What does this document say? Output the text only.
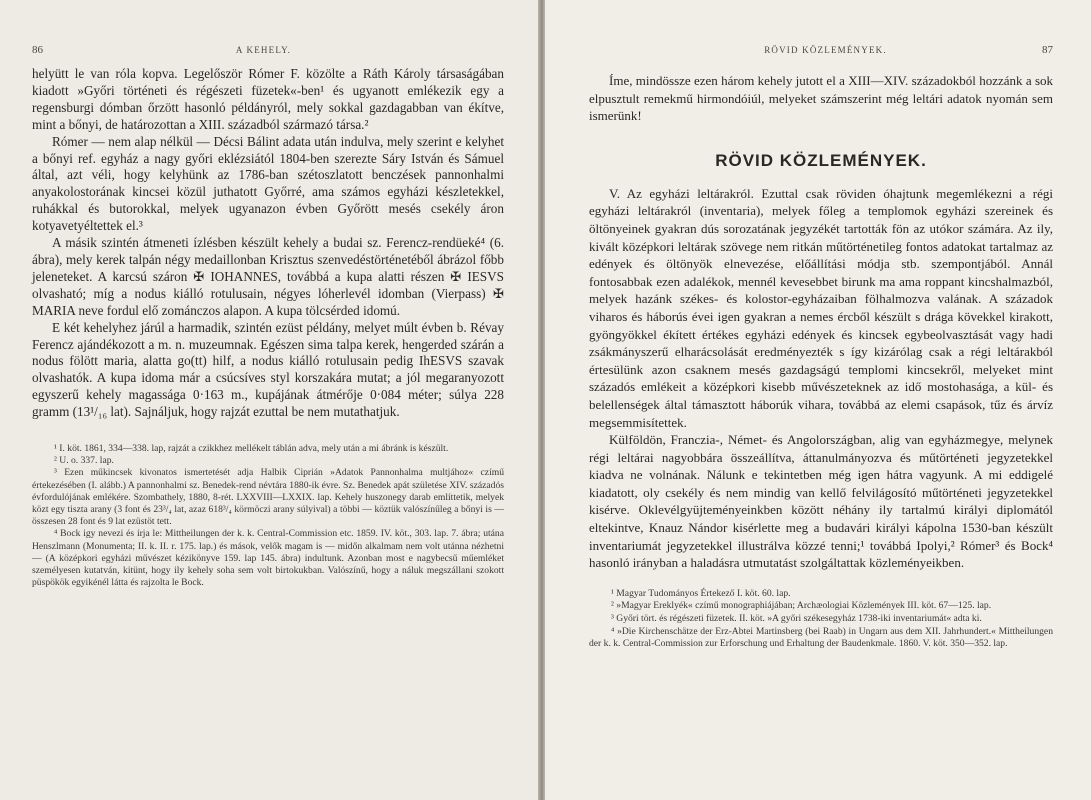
86	A KEHELY.

helyütt le van róla kopva. Legelőször Rómer F. közölte a Ráth Károly társaságában kiadott »Győri történeti és régészeti füzetek«-ben¹ és ugyanott emlékezik egy a regensburgi dómban őrzött hasonló példányról, mely sokkal gazdagabban van ékítve, mint a bőnyi, de határozottan a XIII. századból származó társa.²

Rómer — nem alap nélkül — Décsi Bálint adata után indulva, mely szerint e kelyhet a bőnyi ref. egyház a nagy győri eklézsiától 1804-ben szerezte Sáry István és Sámuel által, azt véli, hogy kelyhünk az 1786-ban szétoszlatott benczések pannonhalmi anyakolostorának kincsei közül juthatott Győrré, ama számos egyházi készletekkel, ruhákkal és butorokkal, melyek ugyanazon évben Győrött mesés csekély áron kotyavetyéltettek el.³

A másik szintén átmeneti ízlésben készült kehely a budai sz. Ferencz-rendüeké⁴ (6. ábra), mely kerek talpán négy medaillonban Krisztus szenvedéstörténetéből ábrázol főbb jeleneteket. A karcsú száron ✠ IOHANNES, továbbá a kupa alatti részen ✠ IESVS olvasható; míg a nodus kiálló rotulusain, négyes lóherlevél idomban (Vierpass) ✠ MARIA neve fordul elő zománczos alapon. A kupa tölcsérded idomú.

E két kehelyhez járúl a harmadik, szintén ezüst példány, melyet múlt évben b. Révay Ferencz ajándékozott a m. n. muzeumnak. Egészen sima talpa kerek, hengerded szárán a nodus fölött maria, alatta go(tt) hilf, a nodus kiálló rotulusain pedig IhESVS szavak olvashatók. A kupa idoma már a csúcsíves styl korszakára mutat; a jól megaranyozott egyszerű kehely magassága 0·163 m., kupájának átmérője 0·084 méter; súlya 228 gramm (13¹/₁₆ lat). Sajnáljuk, hogy rajzát ezuttal be nem mutathatjuk.

¹ I. köt. 1861, 334—338. lap, rajzát a czikkhez mellékelt táblán adva, mely után a mi ábránk is készült.

² U. o. 337. lap.

³ Ezen műkincsek kivonatos ismertetését adja Halbik Ciprián »Adatok Pannonhalma multjához« czímű értekezésében (I. alább.) A pannonhalmi sz. Benedek-rend névtára 1880-ik évre. Sz. Benedek apát születése XIV. századós évfordulójának emlékére. Szombathely, 1880, 8-rét. LXXVIII—LXXIX. lap. Kehely huszonegy darab említtetik, melyek közt egy tiszta arany (3 font és 23³/₄ lat, azaz 618³/₄ körmöczi arany súlyival) a többi — köztük valószínűleg a bőnyi is — összesen 28 font és 9 lat ezüstöt tett.

⁴ Bock igy nevezi és írja le: Mittheilungen der k. k. Central-Commission etc. 1859. IV. köt., 303. lap. 7. ábra; utána Henszlmann (Monumenta; II. k. II. r. 175. lap.) és mások, velők magam is — midőn alkalmam nem volt utánna nézhetni — (A középkori egyházi művészet kézikönyve 159. lap 145. ábra) indultunk. Azonban most e nagybecsű műemléket személyesen kutatván, kitünt, hogy ily kehely soha sem volt birtokukban. Valószínű, hogy a náluk megszállani szokott püspökök egyikénél látta és rajzolta le Bock.

RÖVID KÖZLEMÉNYEK.	87

Íme, mindössze ezen három kehely jutott el a XIII—XIV. századokból hozzánk a sok elpusztult remekmű hirmondóiúl, melyeket számszerint még leltári adatok nyomán sem ismerünk!

RÖVID KÖZLEMÉNYEK.

V. Az egyházi leltárakról. Ezuttal csak röviden óhajtunk megemlékezni a régi egyházi leltárakról (inventaria), melyek főleg a templomok egyházi szereinek és öltönyeinek gyakran dús sorozatának jegyzékét tartották fön az utókor számára. Az ily, kivált középkori leltárak szövege nem ritkán műtörténetileg fontos adatokat tartalmaz az edények és öltönyök elnevezése, előállítási módja stb. szempontjából. Annál fontosabbak ezen adalékok, mennél kevesebbet birunk ma ama roppant kincshalmazból, melyek hazánk székes- és kolostor-egyházaiban fölhalmozva valának. A századok viharos és háborús évei igen gyakran a nemes ércből készült s drága kövekkel kirakott, gyöngyökkel ékített értékes egyházi edények és kincsek egybeolvasztását vagy hadi zsákmányszerű elharácsolását eredményezték s így kizárólag csak a régi leltárakból értesülünk azon csaknem mesés gazdagságú templomi kincsekről, melyeket mint századós emlékeit a középkori kisebb művészeteknek az idő mostohasága, a kül- és belellenségek által támasztott háborúk vihara, továbbá az elemi csapások, tűz és árvíz megsemmisítettek.

Külföldön, Franczia-, Német- és Angolországban, alig van egyházmegye, melynek régi leltárai nagyobbára összeállítva, áttanulmányozva és műtörténeti jegyzetekkel kiadva ne volnának. Nálunk e tekintetben még igen hátra vagyunk. A mi eddigelé kiadatott, oly csekély és nem mindig van kellő felvilágosító műtörténeti jegyzetekkel kisérve. Oklevélgyüjteményeinkben között néhány ily tartalmú királyi diplomától eltekintve, Knauz Nándor kisérlette meg a budavári királyi kápolna 1530-ban készült inventariumát jegyzetekkel illustrálva közzé tenni;¹ továbbá Ipolyi,² Rómer³ és Bock⁴ hasonló irányban a haladásra utmutatást szolgáltattak közleményeikben.

¹ Magyar Tudományos Értekező I. köt. 60. lap.

² »Magyar Ereklyék« czímű monographiájában; Archæologiai Közlemények III. köt. 67—125. lap.

³ Győri tört. és régészeti füzetek. II. köt. »A győri székesegyház 1738-iki inventariumát« adta ki.

⁴ »Die Kirchenschätze der Erz-Abtei Martinsberg (bei Raab) in Ungarn aus dem XII. Jahrhundert.« Mittheilungen der k. k. Central-Commission zur Erforschung und Erhaltung der Baudenkmale. 1860. V. köt. 350—352. lap.
